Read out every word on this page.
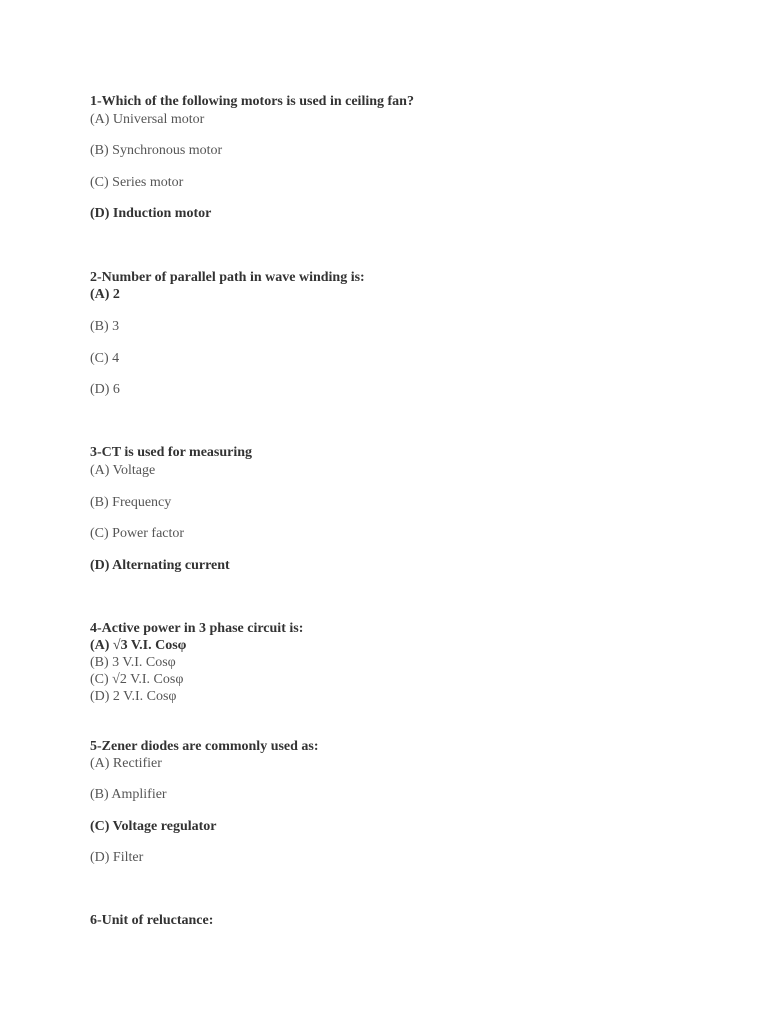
1-Which of the following motors is used in ceiling fan?
(A) Universal motor
(B) Synchronous motor
(C) Series motor
(D) Induction motor
2-Number of parallel path in wave winding is:
(A) 2
(B) 3
(C) 4
(D) 6
3-CT is used for measuring
(A) Voltage
(B) Frequency
(C) Power factor
(D) Alternating current
4-Active power in 3 phase circuit is:
(A) √3 V.I. Cosφ
(B) 3 V.I. Cosφ
(C) √2 V.I. Cosφ
(D) 2 V.I. Cosφ
5-Zener diodes are commonly used as:
(A) Rectifier
(B) Amplifier
(C) Voltage regulator
(D) Filter
6-Unit of reluctance:
